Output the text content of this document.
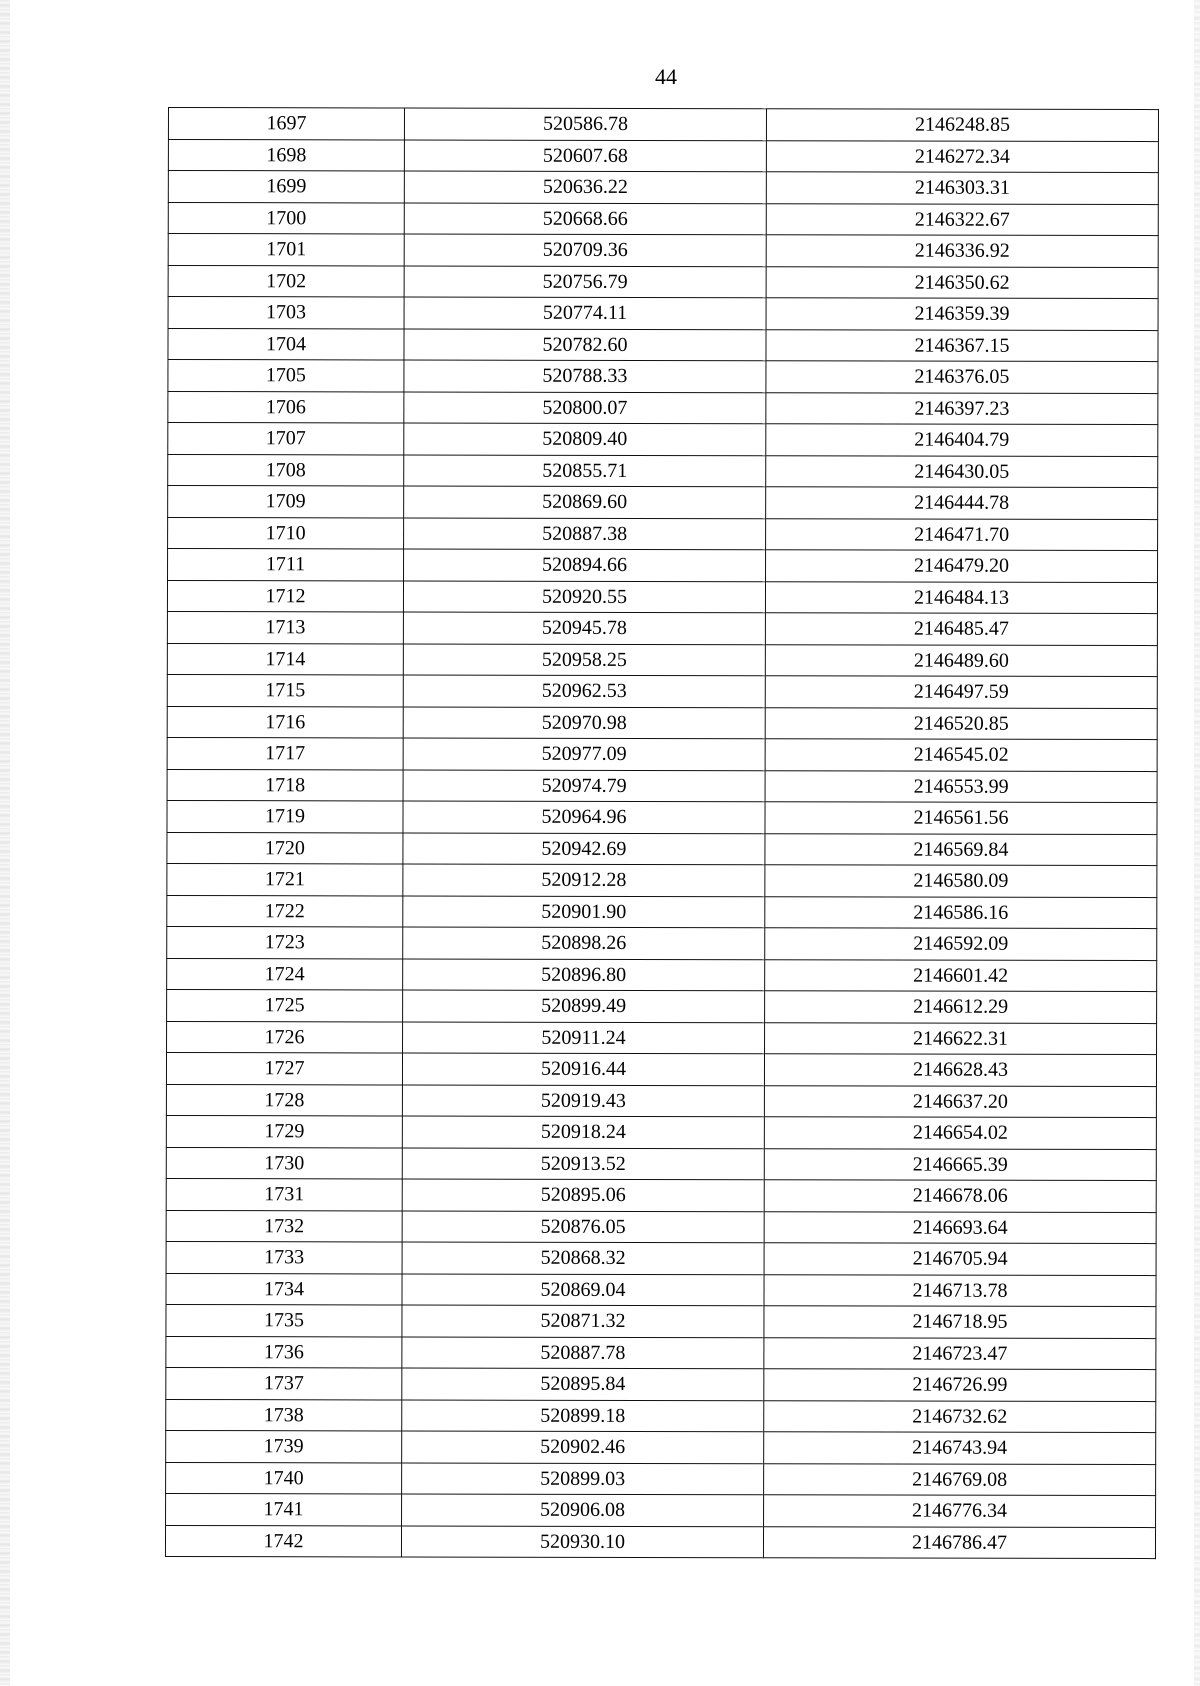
44
1697	520586.78	2146248.85
1698	520607.68	2146272.34
1699	520636.22	2146303.31
1700	520668.66	2146322.67
1701	520709.36	2146336.92
1702	520756.79	2146350.62
1703	520774.11	2146359.39
1704	520782.60	2146367.15
1705	520788.33	2146376.05
1706	520800.07	2146397.23
1707	520809.40	2146404.79
1708	520855.71	2146430.05
1709	520869.60	2146444.78
1710	520887.38	2146471.70
1711	520894.66	2146479.20
1712	520920.55	2146484.13
1713	520945.78	2146485.47
1714	520958.25	2146489.60
1715	520962.53	2146497.59
1716	520970.98	2146520.85
1717	520977.09	2146545.02
1718	520974.79	2146553.99
1719	520964.96	2146561.56
1720	520942.69	2146569.84
1721	520912.28	2146580.09
1722	520901.90	2146586.16
1723	520898.26	2146592.09
1724	520896.80	2146601.42
1725	520899.49	2146612.29
1726	520911.24	2146622.31
1727	520916.44	2146628.43
1728	520919.43	2146637.20
1729	520918.24	2146654.02
1730	520913.52	2146665.39
1731	520895.06	2146678.06
1732	520876.05	2146693.64
1733	520868.32	2146705.94
1734	520869.04	2146713.78
1735	520871.32	2146718.95
1736	520887.78	2146723.47
1737	520895.84	2146726.99
1738	520899.18	2146732.62
1739	520902.46	2146743.94
1740	520899.03	2146769.08
1741	520906.08	2146776.34
1742	520930.10	2146786.47
